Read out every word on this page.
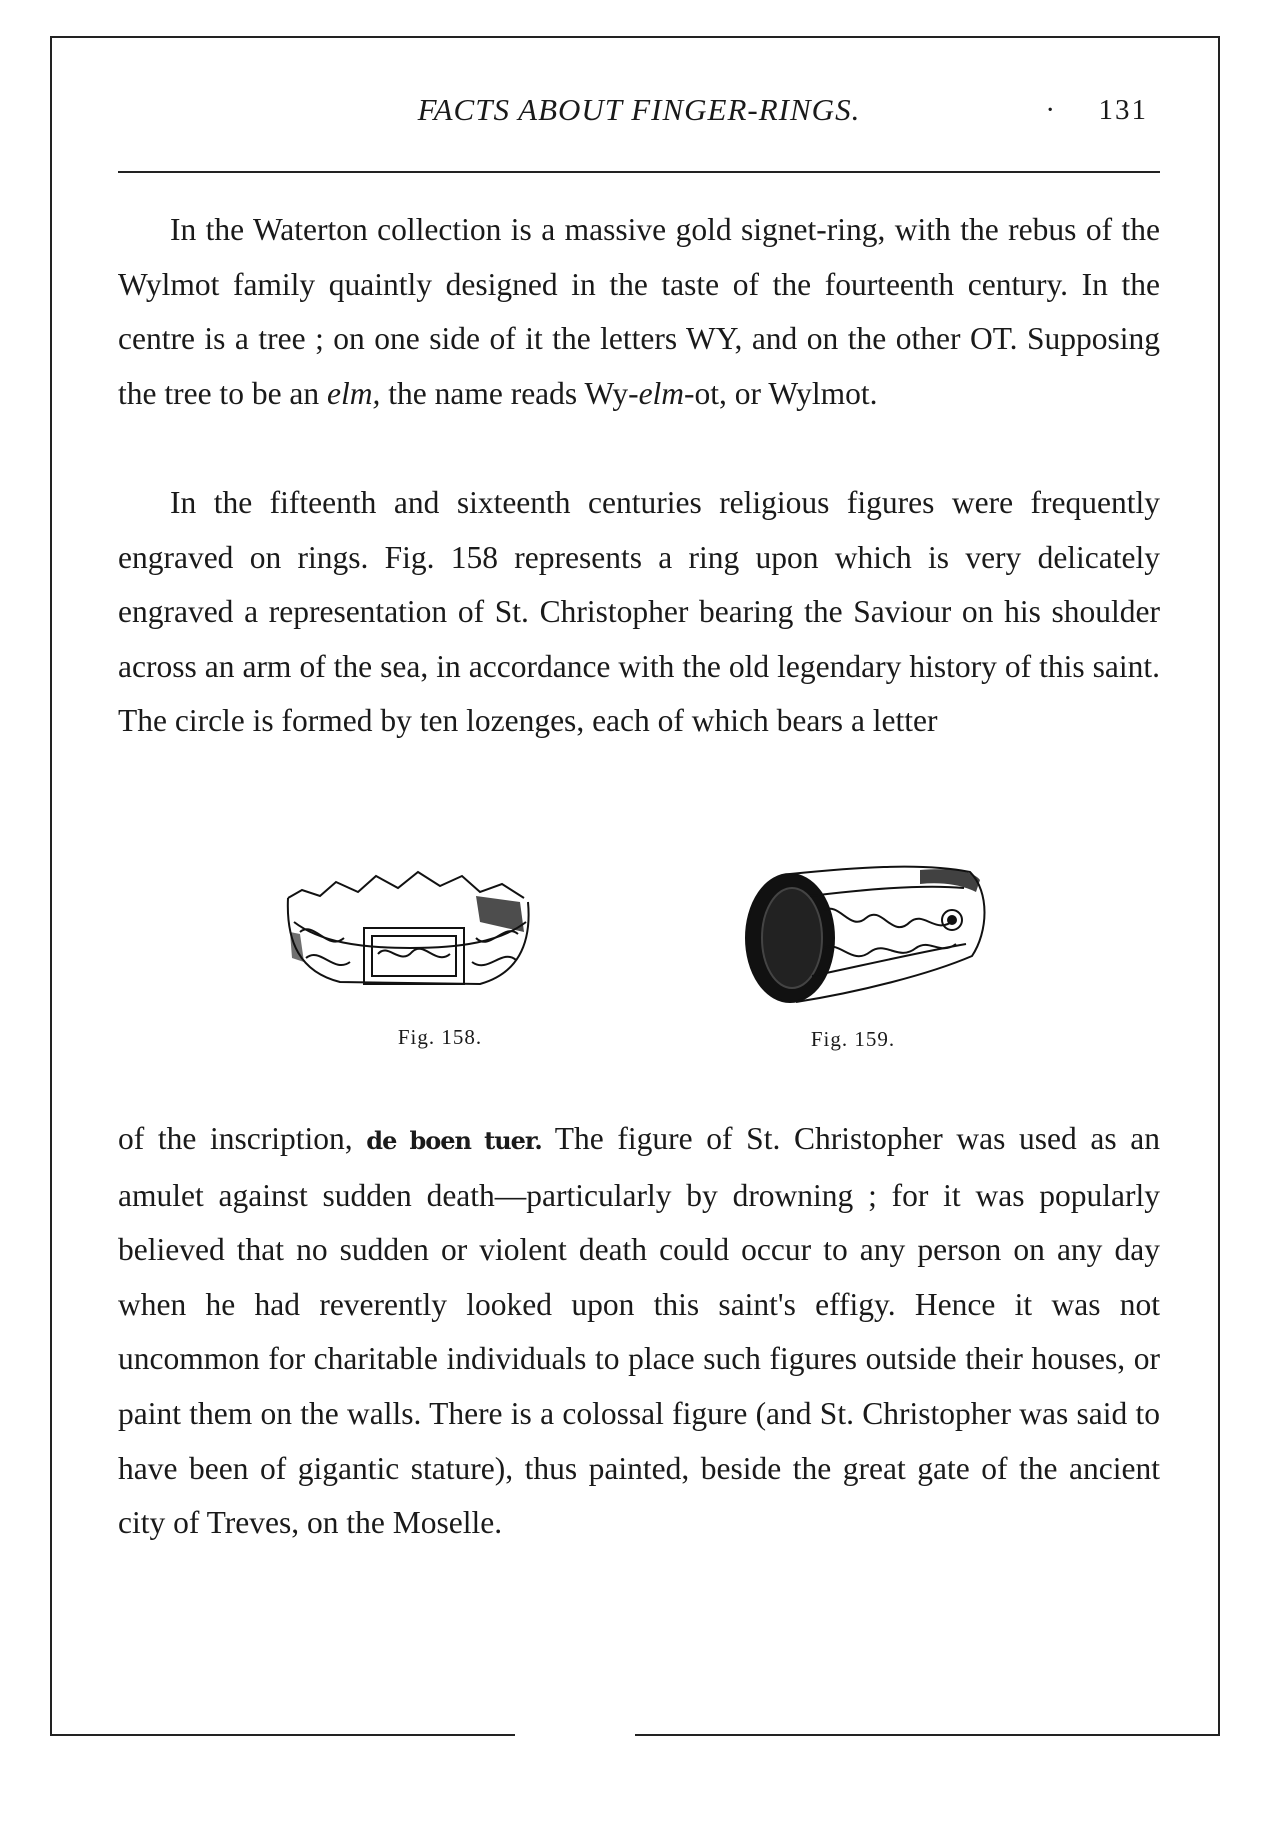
FACTS ABOUT FINGER-RINGS.	· 131

In the Waterton collection is a massive gold signet-ring, with the rebus of the Wylmot family quaintly designed in the taste of the fourteenth century. In the centre is a tree ; on one side of it the letters WY, and on the other OT. Supposing the tree to be an elm, the name reads Wy-elm-ot, or Wylmot.

In the fifteenth and sixteenth centuries religious figures were frequently engraved on rings. Fig. 158 represents a ring upon which is very delicately engraved a representation of St. Christopher bearing the Saviour on his shoulder across an arm of the sea, in accordance with the old legendary history of this saint. The circle is formed by ten lozenges, each of which bears a letter

Fig. 158.	Fig. 159.

of the inscription, de boen tuer. The figure of St. Christopher was used as an amulet against sudden death—particularly by drowning ; for it was popularly believed that no sudden or violent death could occur to any person on any day when he had reverently looked upon this saint's effigy. Hence it was not uncommon for charitable individuals to place such figures outside their houses, or paint them on the walls. There is a colossal figure (and St. Christopher was said to have been of gigantic stature), thus painted, beside the great gate of the ancient city of Treves, on the Moselle.
